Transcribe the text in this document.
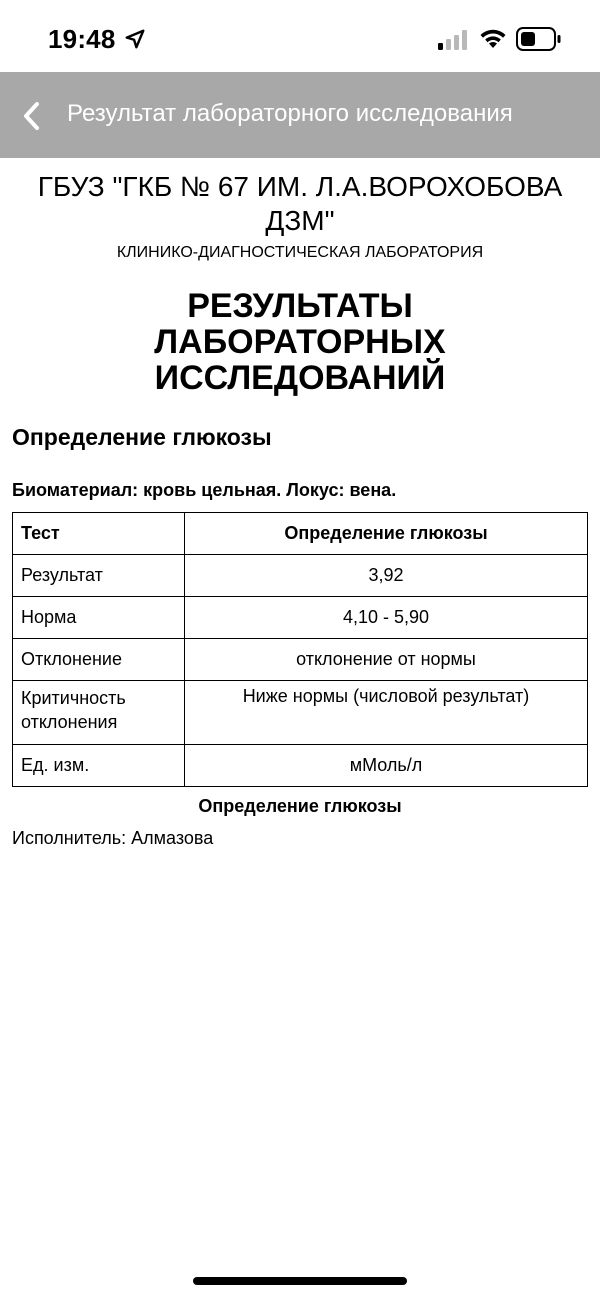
19:48
Результат лабораторного исследования
ГБУЗ "ГКБ № 67 ИМ. Л.А.ВОРОХОБОВА ДЗМ"
КЛИНИКО-ДИАГНОСТИЧЕСКАЯ ЛАБОРАТОРИЯ
РЕЗУЛЬТАТЫ ЛАБОРАТОРНЫХ ИССЛЕДОВАНИЙ
Определение глюкозы
Биоматериал: кровь цельная. Локус: вена.
Тест	Определение глюкозы
Результат	3,92
Норма	4,10 - 5,90
Отклонение	отклонение от нормы
Критичность отклонения	Ниже нормы (числовой результат)
Ед. изм.	мМоль/л
Определение глюкозы
Исполнитель: Алмазова
